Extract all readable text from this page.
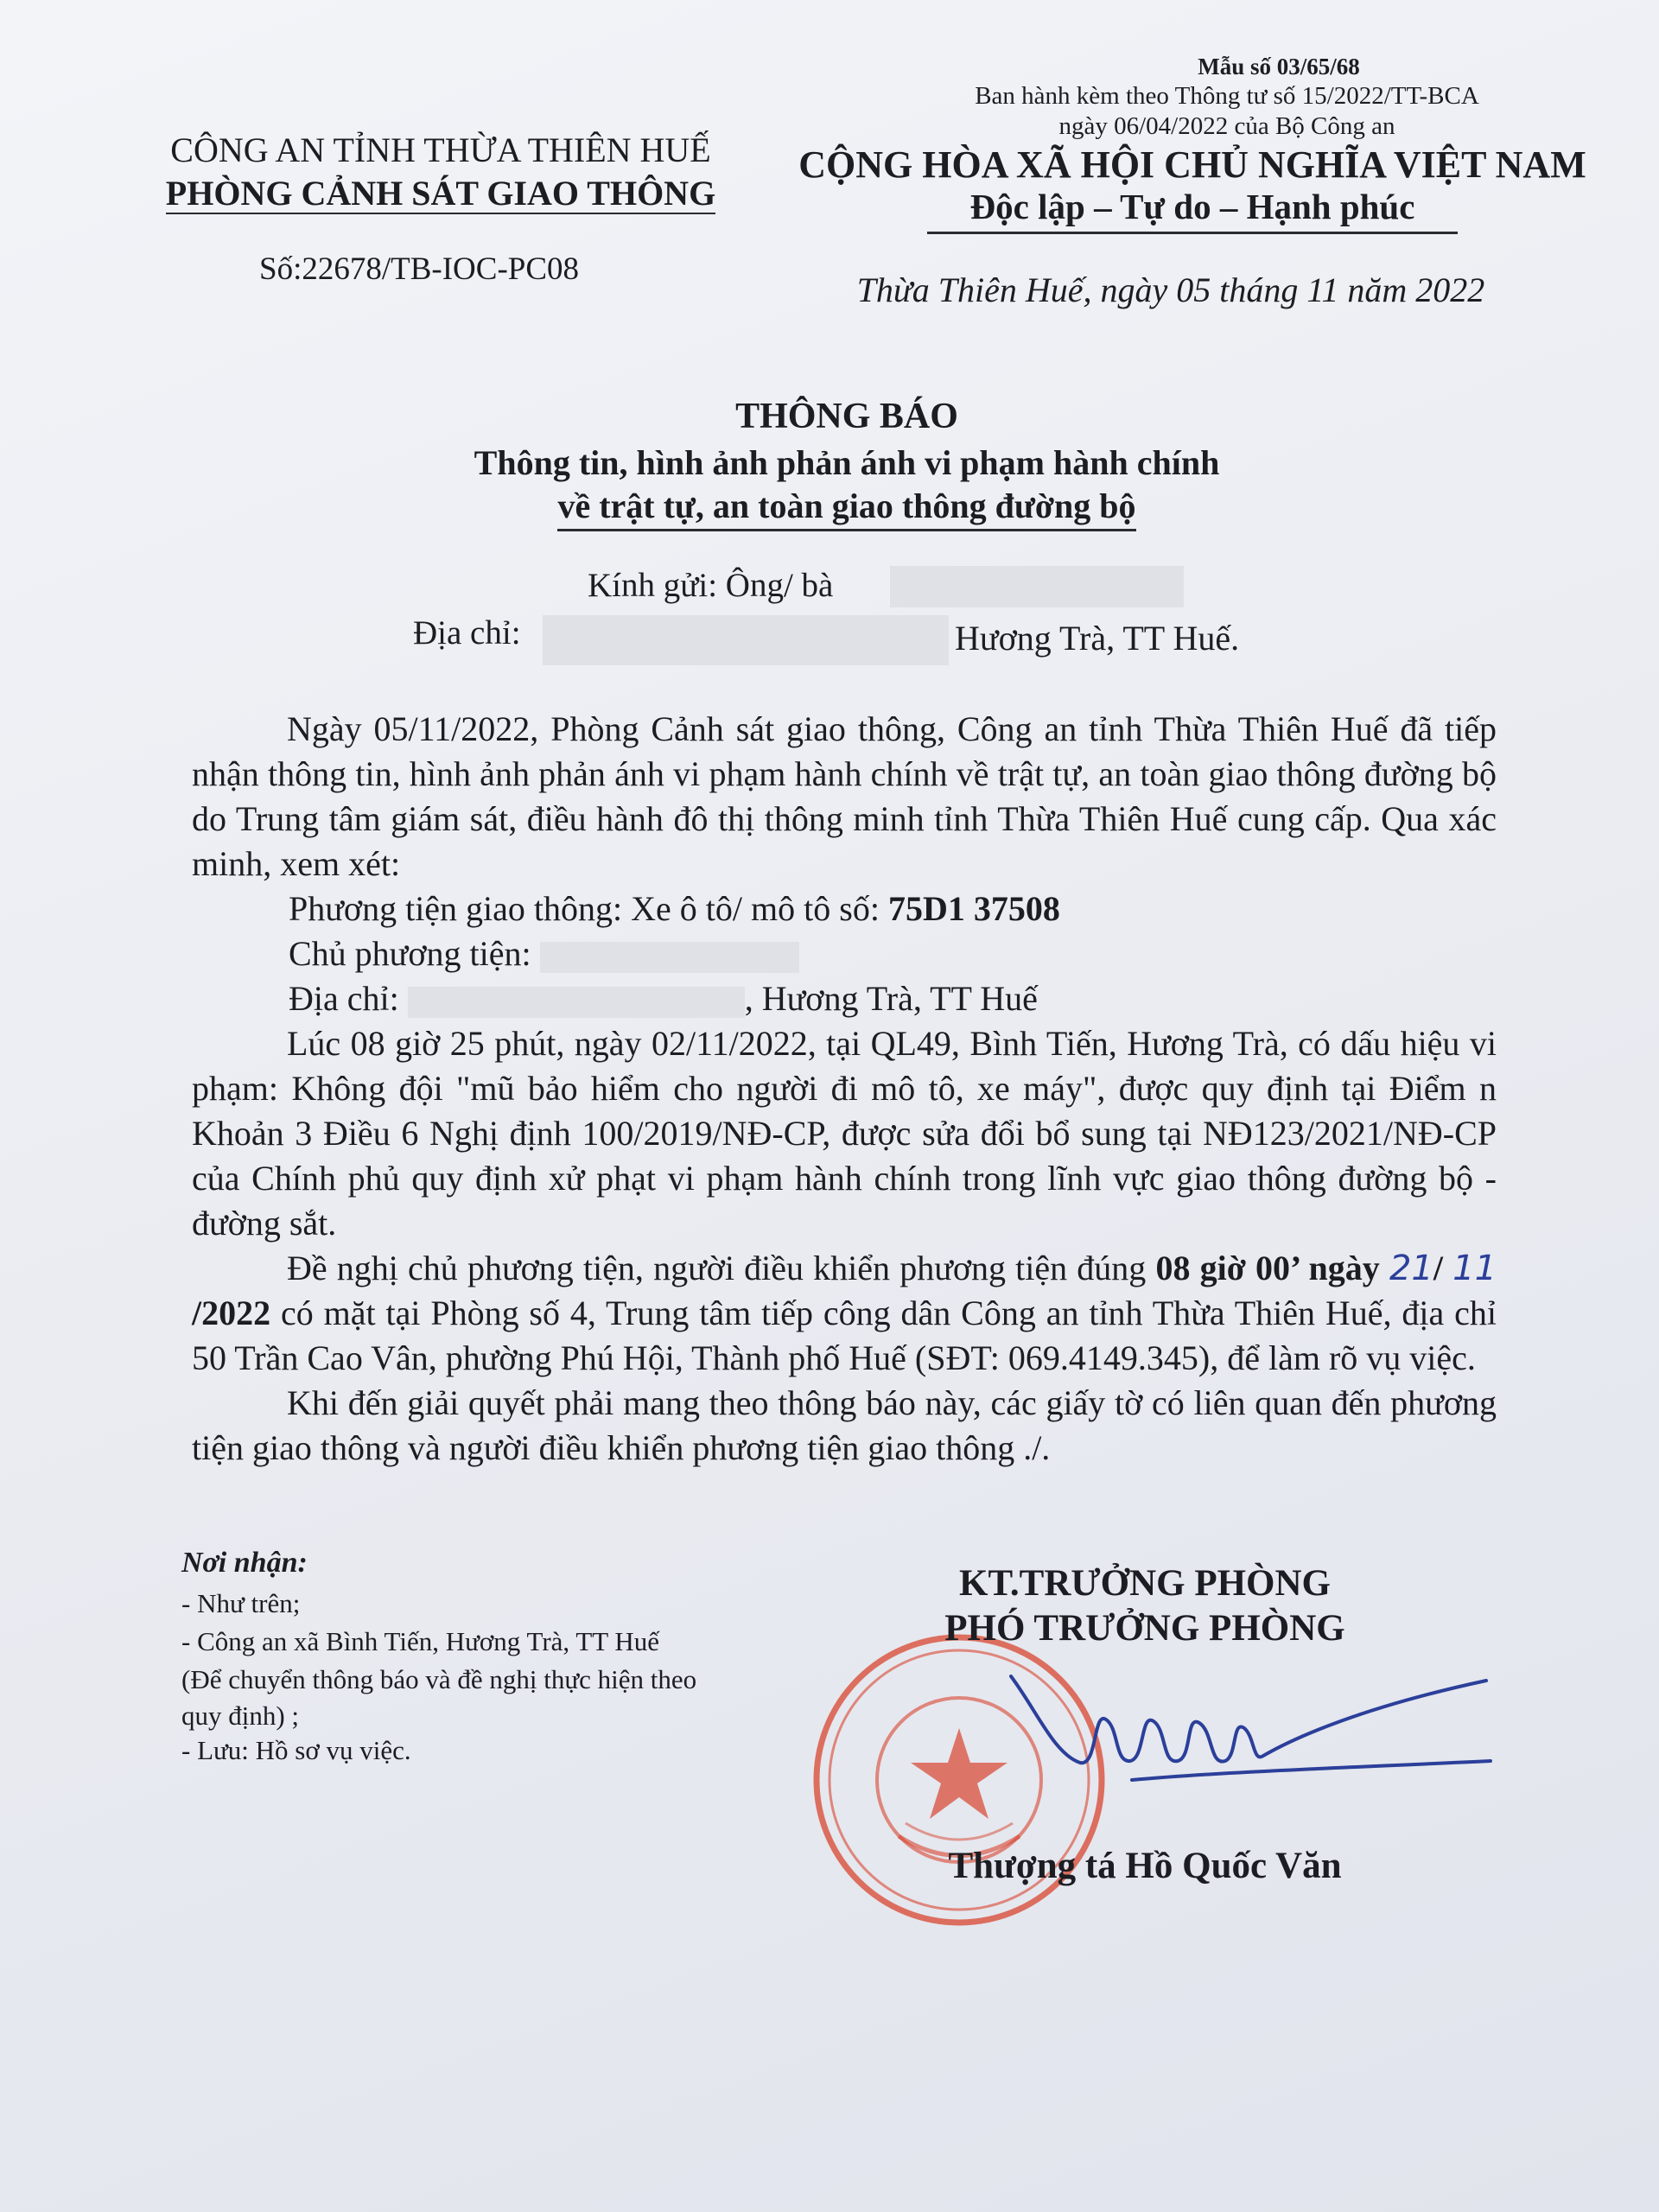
Mẫu số 03/65/68

Ban hành kèm theo Thông tư số 15/2022/TT-BCA

ngày 06/04/2022 của Bộ Công an

CÔNG AN TỈNH THỪA THIÊN HUẾ

PHÒNG CẢNH SÁT GIAO THÔNG

CỘNG HÒA XÃ HỘI CHỦ NGHĨA VIỆT NAM

Độc lập – Tự do – Hạnh phúc

Số:22678/TB-IOC-PC08

Thừa Thiên Huế, ngày 05 tháng 11 năm 2022

THÔNG BÁO

Thông tin, hình ảnh phản ánh vi phạm hành chính

về trật tự, an toàn giao thông đường bộ

Kính gửi: Ông/ bà

Địa chỉ:	Hương Trà, TT Huế.

Ngày 05/11/2022, Phòng Cảnh sát giao thông, Công an tỉnh Thừa Thiên Huế đã tiếp nhận thông tin, hình ảnh phản ánh vi phạm hành chính về trật tự, an toàn giao thông đường bộ do Trung tâm giám sát, điều hành đô thị thông minh tỉnh Thừa Thiên Huế cung cấp. Qua xác minh, xem xét:

Phương tiện giao thông: Xe ô tô/ mô tô số: 75D1 37508

Chủ phương tiện:

Địa chỉ:	, Hương Trà, TT Huế

Lúc 08 giờ 25 phút, ngày 02/11/2022, tại QL49, Bình Tiến, Hương Trà, có dấu hiệu vi phạm: Không đội "mũ bảo hiểm cho người đi mô tô, xe máy", được quy định tại Điểm n Khoản 3 Điều 6 Nghị định 100/2019/NĐ-CP, được sửa đổi bổ sung tại NĐ123/2021/NĐ-CP của Chính phủ quy định xử phạt vi phạm hành chính trong lĩnh vực giao thông đường bộ - đường sắt.

Đề nghị chủ phương tiện, người điều khiển phương tiện đúng 08 giờ 00’ ngày 21/ 11 /2022 có mặt tại Phòng số 4, Trung tâm tiếp công dân Công an tỉnh Thừa Thiên Huế, địa chỉ 50 Trần Cao Vân, phường Phú Hội, Thành phố Huế (SĐT: 069.4149.345), để làm rõ vụ việc.

Khi đến giải quyết phải mang theo thông báo này, các giấy tờ có liên quan đến phương tiện giao thông và người điều khiển phương tiện giao thông ./.

Nơi nhận:

- Như trên;

- Công an xã Bình Tiến, Hương Trà, TT Huế

(Để chuyển thông báo và đề nghị thực hiện theo

quy định) ;

- Lưu: Hồ sơ vụ việc.

KT.TRƯỞNG PHÒNG

PHÓ TRƯỞNG PHÒNG

Thượng tá Hồ Quốc Văn
